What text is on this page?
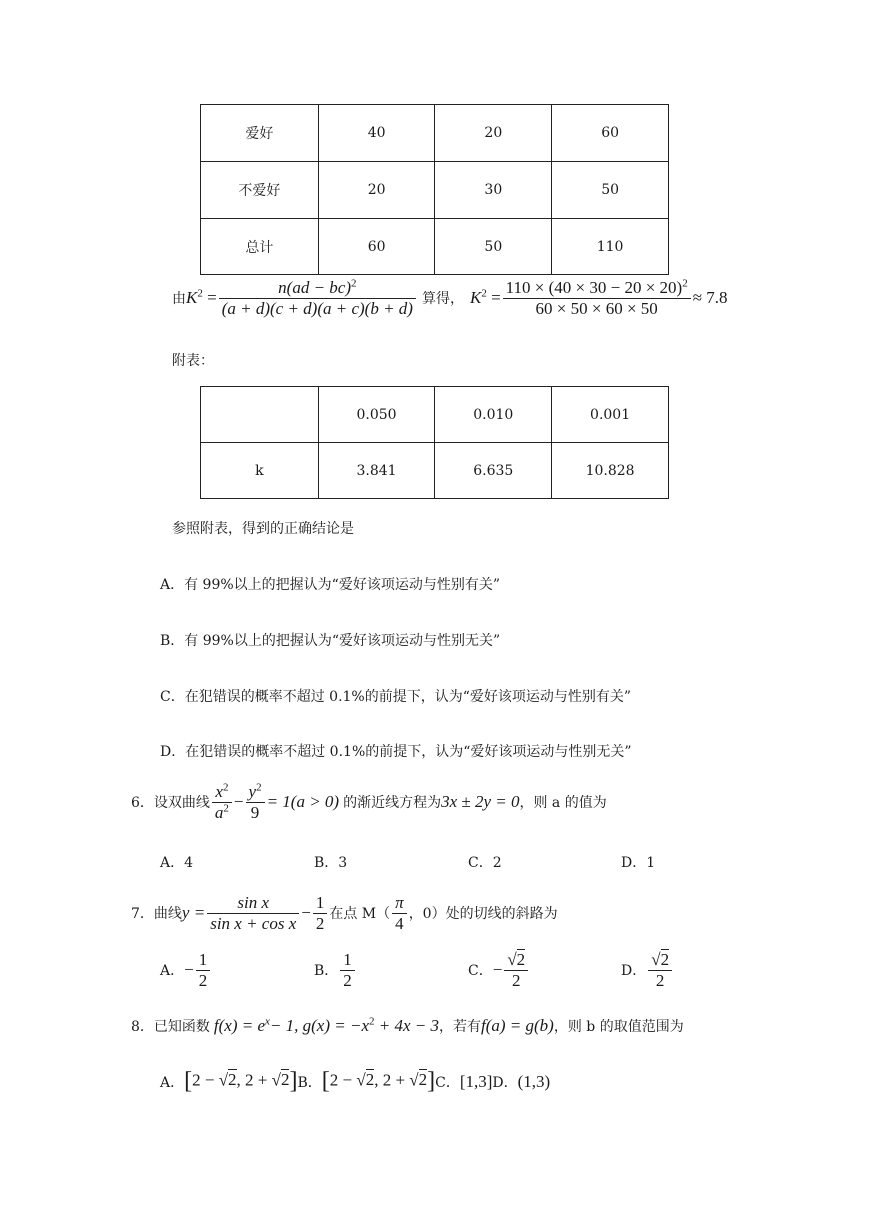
爱好	40	20	60
不爱好	20	30	50
总计	60	50	110
由 $K^2 = \frac{n(ad - bc)^2}{(a + d)(c + d)(a + c)(b + d)}$ 算得， $K^2 = \frac{110 \times (40 \times 30 - 20 \times 20)^2}{60 \times 50 \times 60 \times 50} \approx 7.8$
附表：
	0.050	0.010	0.001
k	3.841	6.635	10.828
参照附表，得到的正确结论是
A．有 99%以上的把握认为“爱好该项运动与性别有关”
B．有 99%以上的把握认为“爱好该项运动与性别无关”
C．在犯错误的概率不超过 0.1%的前提下，认为“爱好该项运动与性别有关”
D．在犯错误的概率不超过 0.1%的前提下，认为“爱好该项运动与性别无关”
6．设双曲线 $\frac{x^2}{a^2} - \frac{y^2}{9} = 1(a > 0)$ 的渐近线方程为 3x ± 2y = 0 ，则 a 的值为
A．4	B．3	C．2	D．1
7．曲线 $y = \frac{\text{sin x}}{\text{sin x + cos x}} - \frac{1}{2}$ 在点 $M( \frac{\pi}{4}$ ，0）处的切线的斜路为
A． − $\frac{1}{2}$	B． $\frac{1}{2}$	C． − $\frac{√2}{2}$	D． $\frac{√2}{2}$
8．已知函数 $f(x) = e^x- 1$, $g(x) = -x^2 + 4x - 3$ ，若有 f(a) = g(b) ，则 b 的取值范围为
A． [2 − √2, 2 + √2] B． [2 − √2, 2 + √2] C． [1,3] D． (1,3)
